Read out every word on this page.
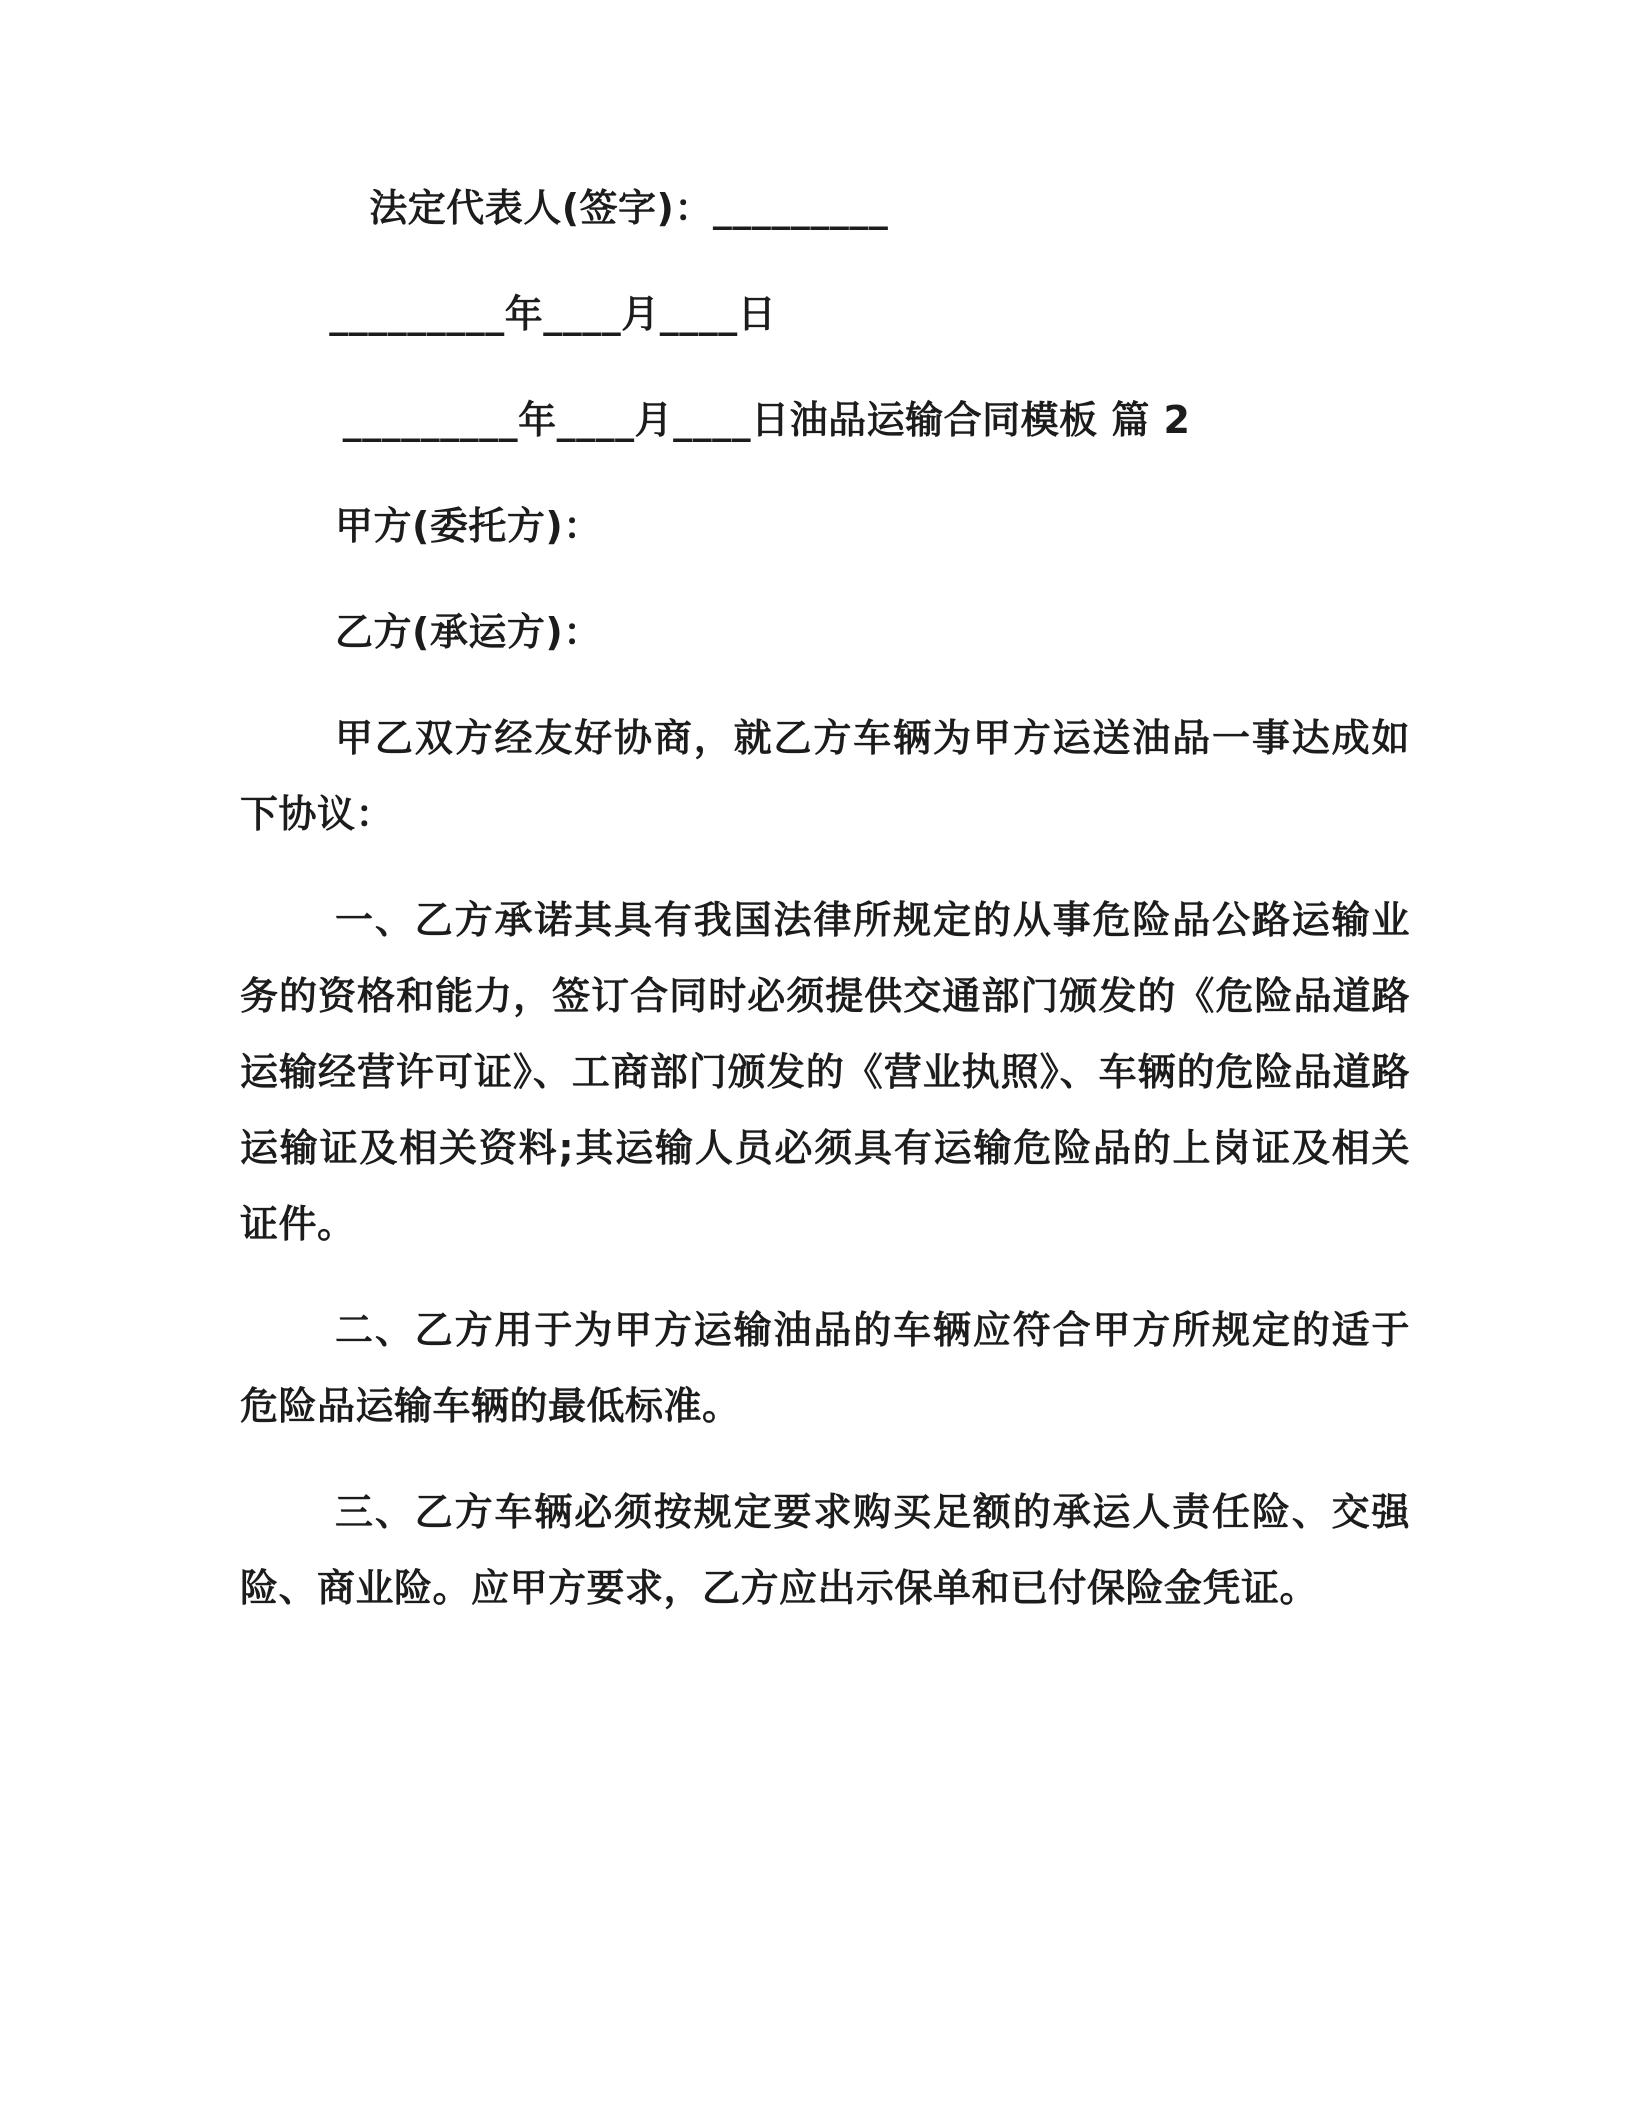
法定代表人(签字)：_________

_________年____月____日

_________年____月____日油品运输合同模板 篇 2

甲方(委托方)：

乙方(承运方)：

甲乙双方经友好协商，就乙方车辆为甲方运送油品一事达成如下协议：

一、乙方承诺其具有我国法律所规定的从事危险品公路运输业务的资格和能力，签订合同时必须提供交通部门颁发的《危险品道路运输经营许可证》、工商部门颁发的《营业执照》、车辆的危险品道路运输证及相关资料;其运输人员必须具有运输危险品的上岗证及相关证件。

二、乙方用于为甲方运输油品的车辆应符合甲方所规定的适于危险品运输车辆的最低标准。

三、乙方车辆必须按规定要求购买足额的承运人责任险、交强险、商业险。应甲方要求，乙方应出示保单和已付保险金凭证。
